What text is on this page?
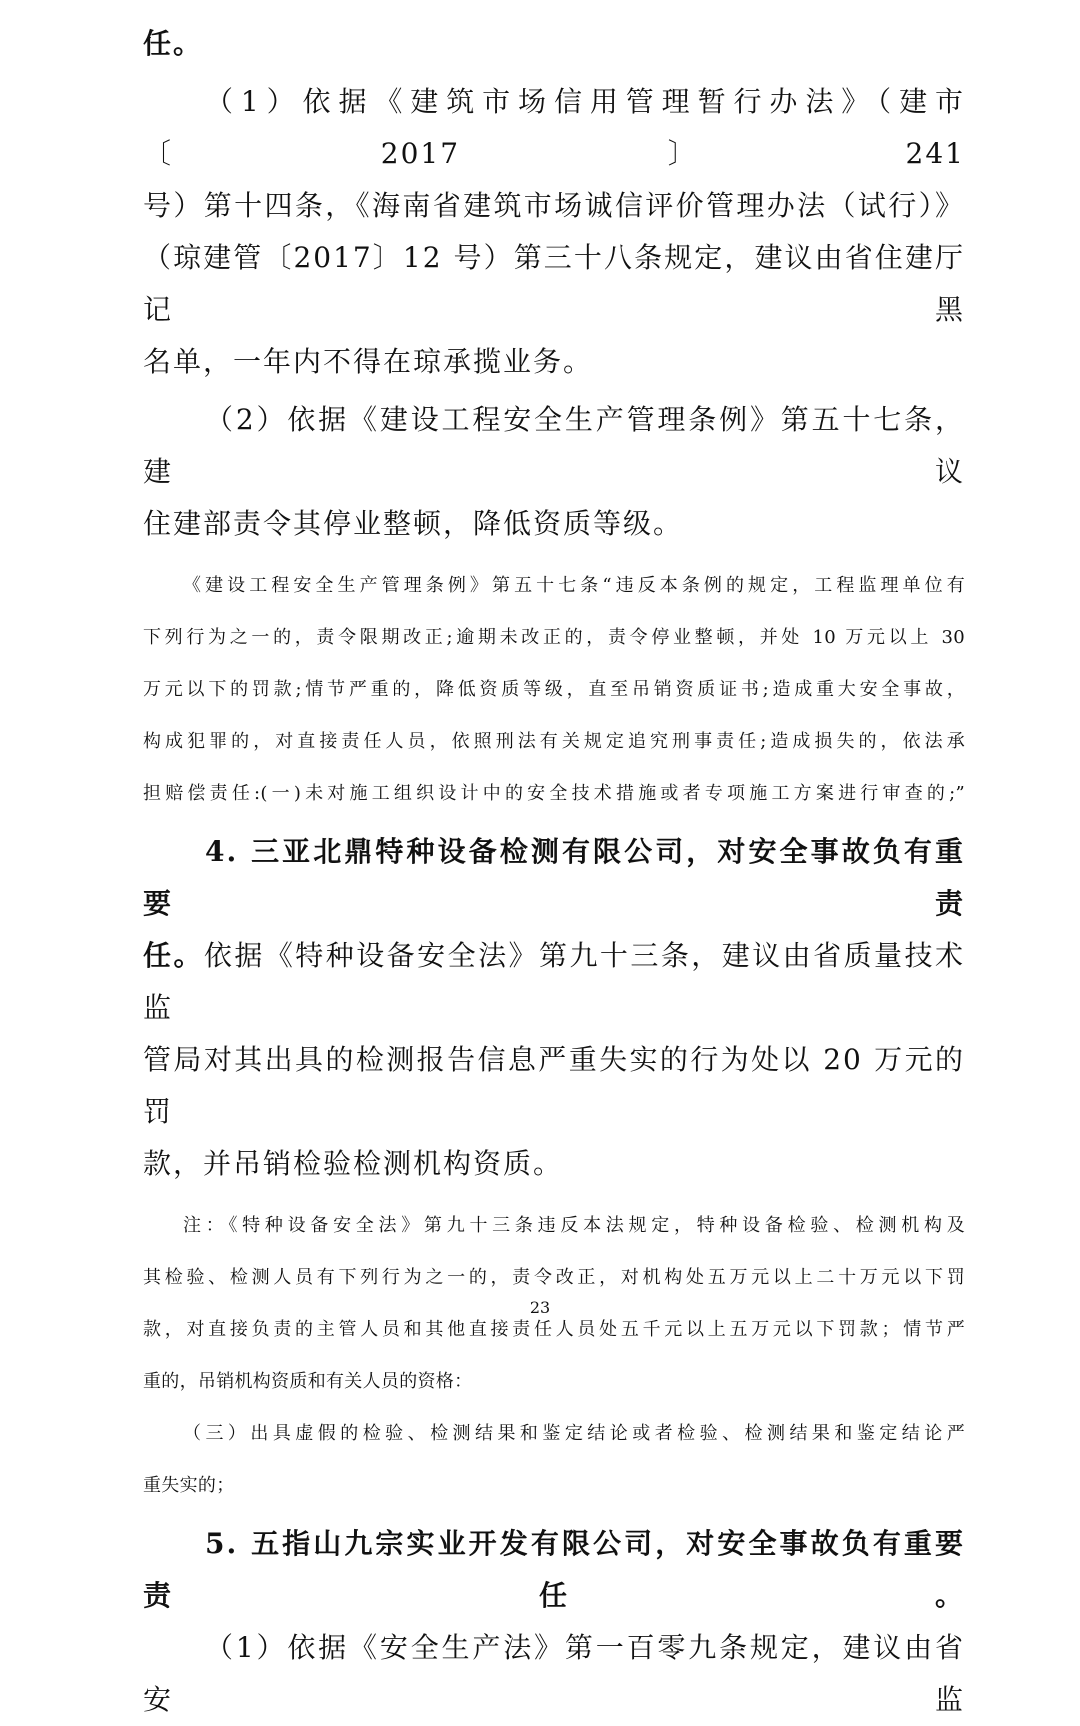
任。

（1）依据《建筑市场信用管理暂行办法》（建市〔2017〕241

号）第十四条，《海南省建筑市场诚信评价管理办法（试行）》

（琼建管〔2017〕12 号）第三十八条规定，建议由省住建厅记黑

名单，一年内不得在琼承揽业务。

（2）依据《建设工程安全生产管理条例》第五十七条，建议

住建部责令其停业整顿，降低资质等级。

《建设工程安全生产管理条例》第五十七条“违反本条例的规定，工程监理单位有

下列行为之一的，责令限期改正;逾期未改正的，责令停业整顿，并处 10 万元以上 30

万元以下的罚款;情节严重的，降低资质等级，直至吊销资质证书;造成重大安全事故，

构成犯罪的，对直接责任人员，依照刑法有关规定追究刑事责任;造成损失的，依法承

担赔偿责任:(一)未对施工组织设计中的安全技术措施或者专项施工方案进行审查的;”

4. 三亚北鼎特种设备检测有限公司，对安全事故负有重要责

任。依据《特种设备安全法》第九十三条，建议由省质量技术监

管局对其出具的检测报告信息严重失实的行为处以 20 万元的罚

款，并吊销检验检测机构资质。

注：《特种设备安全法》第九十三条违反本法规定，特种设备检验、检测机构及

其检验、检测人员有下列行为之一的，责令改正，对机构处五万元以上二十万元以下罚

款，对直接负责的主管人员和其他直接责任人员处五千元以上五万元以下罚款；情节严

重的，吊销机构资质和有关人员的资格：

（三）出具虚假的检验、检测结果和鉴定结论或者检验、检测结果和鉴定结论严

重失实的；

5. 五指山九宗实业开发有限公司，对安全事故负有重要责任。

（1）依据《安全生产法》第一百零九条规定，建议由省安监

23
